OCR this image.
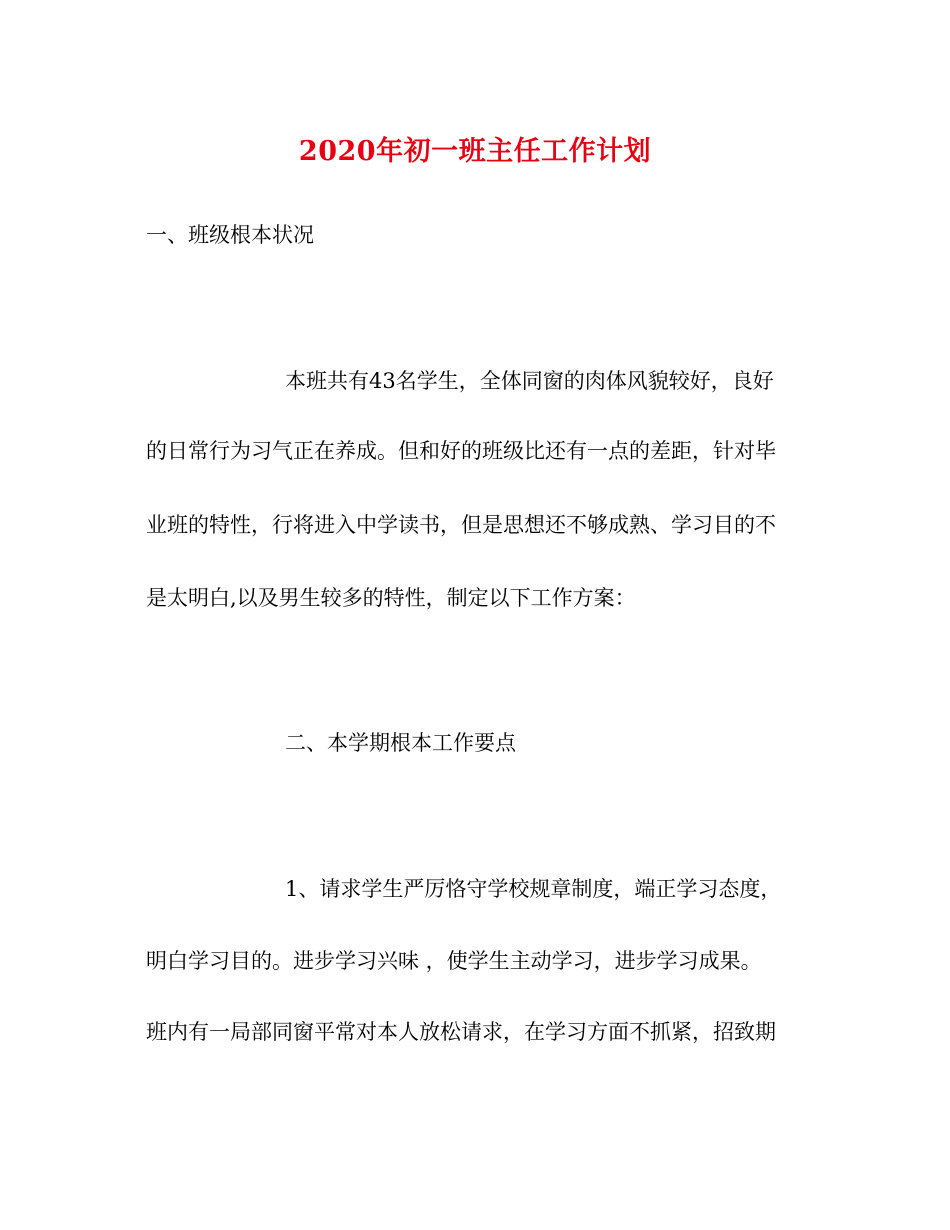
2020年初一班主任工作计划

一、班级根本状况

本班共有43名学生，全体同窗的肉体风貌较好，良好

的日常行为习气正在养成。但和好的班级比还有一点的差距，针对毕

业班的特性，行将进入中学读书，但是思想还不够成熟、学习目的不

是太明白,以及男生较多的特性，制定以下工作方案：

二、本学期根本工作要点

1、请求学生严厉恪守学校规章制度，端正学习态度，

明白学习目的。进步学习兴味 ，使学生主动学习，进步学习成果。

班内有一局部同窗平常对本人放松请求，在学习方面不抓紧，招致期
